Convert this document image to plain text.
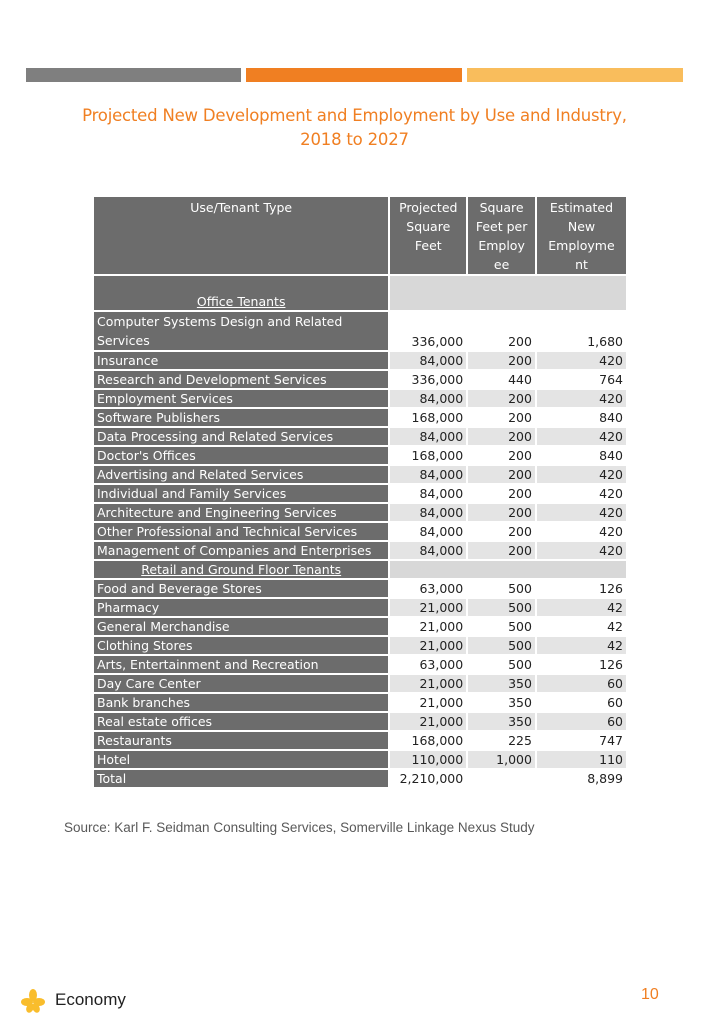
Projected New Development and Employment by Use and Industry,
2018 to 2027
Use/Tenant Type	Projected Square Feet	Square Feet per Employ ee	Estimated New Employme nt
Office Tenants			
Computer Systems Design and Related Services	336,000	200	1,680
Insurance	84,000	200	420
Research and Development Services	336,000	440	764
Employment Services	84,000	200	420
Software Publishers	168,000	200	840
Data Processing and Related Services	84,000	200	420
Doctor's Offices	168,000	200	840
Advertising and Related Services	84,000	200	420
Individual and Family Services	84,000	200	420
Architecture and Engineering Services	84,000	200	420
Other Professional and Technical Services	84,000	200	420
Management of Companies and Enterprises	84,000	200	420
Retail and Ground Floor Tenants			
Food and Beverage Stores	63,000	500	126
Pharmacy	21,000	500	42
General Merchandise	21,000	500	42
Clothing Stores	21,000	500	42
Arts, Entertainment and Recreation	63,000	500	126
Day Care Center	21,000	350	60
Bank branches	21,000	350	60
Real estate offices	21,000	350	60
Restaurants	168,000	225	747
Hotel	110,000	1,000	110
Total	2,210,000		8,899
Source: Karl F. Seidman Consulting Services, Somerville Linkage Nexus Study
Economy	10
